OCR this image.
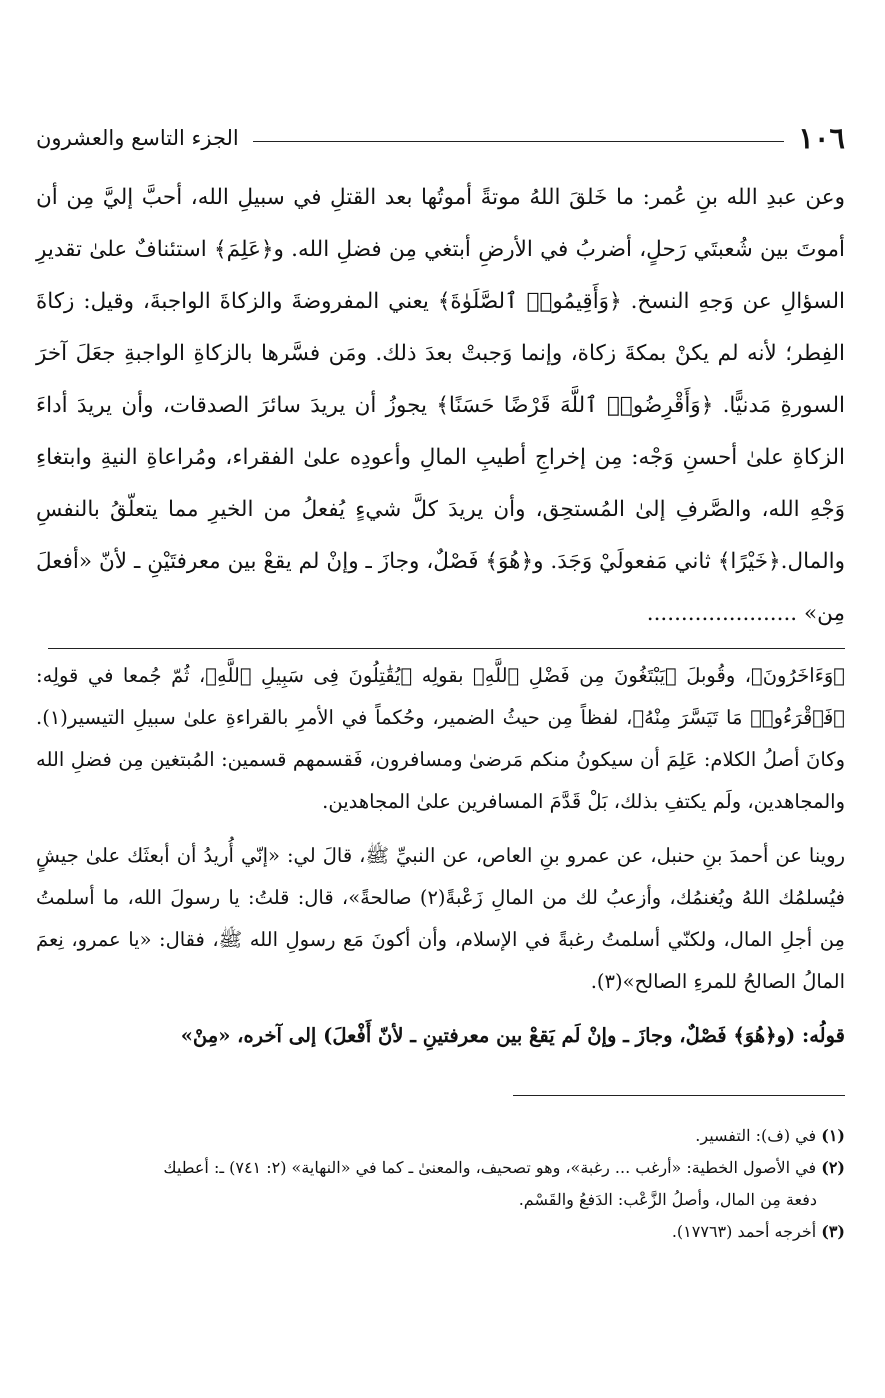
١٠٦
الجزء التاسع والعشرون

وعن عبدِ الله بنِ عُمر: ما خَلقَ اللهُ موتةً أموتُها بعد القتلِ في سبيلِ الله، أحبَّ إليَّ مِن أن أموتَ بين شُعبتَي رَحلٍ، أضربُ في الأرضِ أبتغي مِن فضلِ الله. و﴿عَلِمَ﴾ استئنافٌ علىٰ تقديرِ السؤالِ عن وَجهِ النسخ. ﴿وَأَقِيمُوا۟ ٱلصَّلَوٰةَ﴾ يعني المفروضةَ والزكاةَ الواجبةَ، وقيل: زكاةَ الفِطر؛ لأنه لم يكنْ بمكةَ زكاة، وإنما وَجبتْ بعدَ ذلك. ومَن فسَّرها بالزكاةِ الواجبةِ جعَلَ آخرَ السورةِ مَدنيًّا. ﴿وَأَقْرِضُوا۟ ٱللَّهَ قَرْضًا حَسَنًا﴾ يجوزُ أن يريدَ سائرَ الصدقات، وأن يريدَ أداءَ الزكاةِ علىٰ أحسنِ وَجْه: مِن إخراجِ أطيبِ المالِ وأعودِه علىٰ الفقراء، ومُراعاةِ النيةِ وابتغاءِ وَجْهِ الله، والصَّرفِ إلىٰ المُستحِق، وأن يريدَ كلَّ شيءٍ يُفعلُ من الخيرِ مما يتعلّقُ بالنفسِ والمال.﴿خَيْرًا﴾ ثاني مَفعولَيْ وَجَدَ. و﴿هُوَ﴾ فَصْلٌ، وجازَ ـ وإنْ لم يقعْ بين معرفتَيْنِ ـ لأنّ «أفعلَ مِن» ......................

﴿وَءَاخَرُونَ﴾، وقُوبلَ ﴿يَبْتَغُونَ مِن فَضْلِ ٱللَّهِ﴾ بقولِه ﴿يُقَٰتِلُونَ فِى سَبِيلِ ٱللَّهِ﴾، ثُمّ جُمعا في قولِه: ﴿فَٱقْرَءُوا۟ مَا تَيَسَّرَ مِنْهُ﴾، لفظاً مِن حيثُ الضمير، وحُكماً في الأمرِ بالقراءةِ علىٰ سبيلِ التيسير(١). وكانَ أصلُ الكلام: عَلِمَ أن سيكونُ منكم مَرضىٰ ومسافرون، فَقسمهم قسمين: المُبتغين مِن فضلِ الله والمجاهدين، ولَم يكتفِ بذلك، بَلْ قَدَّمَ المسافرين علىٰ المجاهدين.

روينا عن أحمدَ بنِ حنبل، عن عمرو بنِ العاص، عن النبيِّ ﷺ، قالَ لي: «إنّي أُريدُ أن أبعثَك علىٰ جيشٍ فيُسلمُك اللهُ ويُغنمُك، وأزعبُ لك من المالِ زَعْبةً(٢) صالحةً»، قال: قلتُ: يا رسولَ الله، ما أسلمتُ مِن أجلِ المال، ولكنّي أسلمتُ رغبةً في الإسلام، وأن أكونَ مَع رسولِ الله ﷺ، فقال: «يا عمرو، نِعمَ المالُ الصالحُ للمرءِ الصالح»(٣).

قولُه: (و﴿هُوَ﴾ فَصْلٌ، وجازَ ـ وإنْ لَم يَقعْ بين معرفتينِ ـ لأنّ أَفْعلَ) إلى آخره، «مِنْ»

(١) في (ف): التفسير.

(٢) في الأصول الخطية: «أرغب ... رغبة»، وهو تصحيف، والمعنىٰ ـ كما في «النهاية» (٢: ٧٤١) ـ: أعطيك

دفعة مِن المال، وأصلُ الزَّعْب: الدَفعُ والقَسْم.

(٣) أخرجه أحمد (١٧٧٦٣).
